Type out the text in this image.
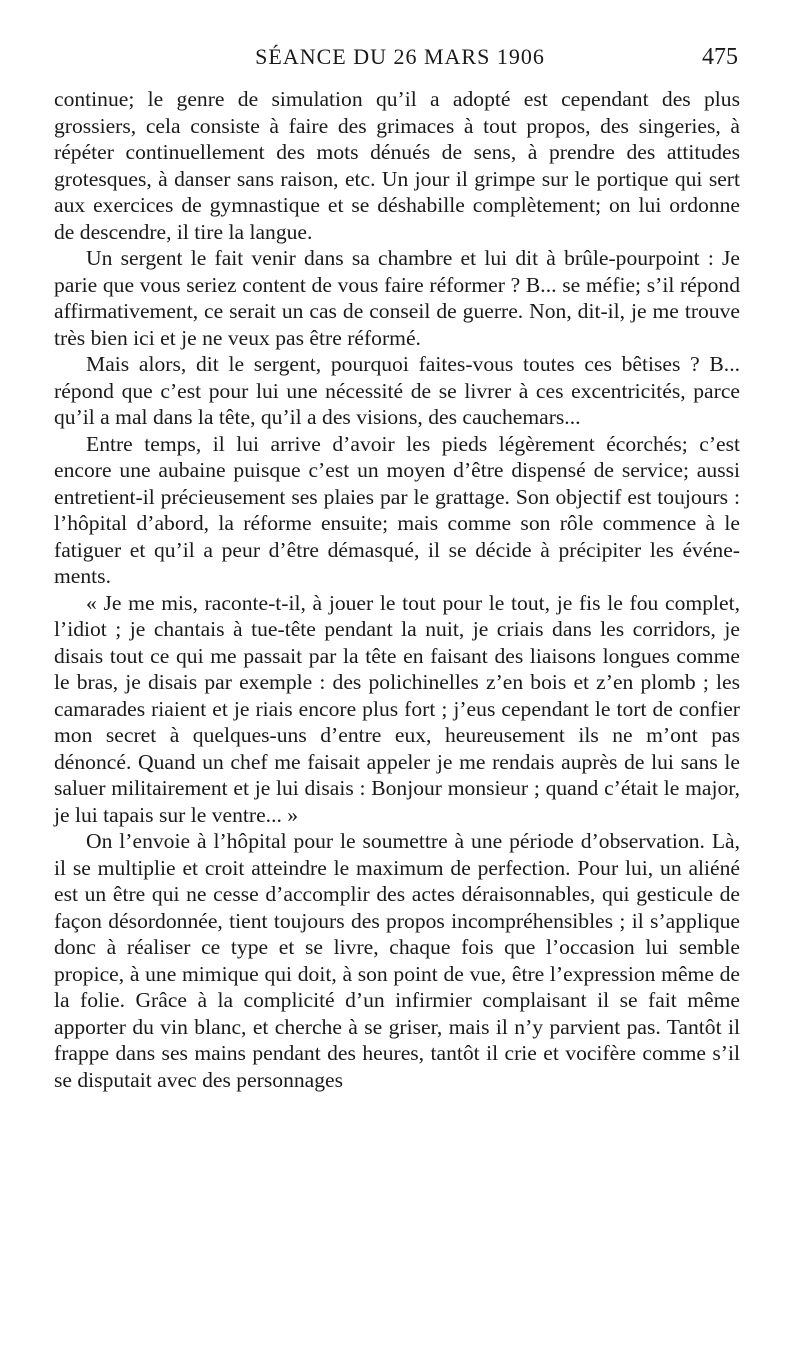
SÉANCE DU 26 MARS 1906	475

continue; le genre de simulation qu’il a adopté est cependant des plus grossiers, cela consiste à faire des grimaces à tout propos, des singeries, à répéter continuellement des mots dénués de sens, à prendre des attitudes grotesques, à danser sans raison, etc. Un jour il grimpe sur le portique qui sert aux exercices de gymnastique et se déshabille complètement; on lui ordonne de descendre, il tire la langue.

Un sergent le fait venir dans sa chambre et lui dit à brûle-pourpoint : Je parie que vous seriez content de vous faire réformer ? B... se méfie; s’il répond affirmativement, ce serait un cas de conseil de guerre. Non, dit-il, je me trouve très bien ici et je ne veux pas être réformé.

Mais alors, dit le sergent, pourquoi faites-vous toutes ces bêtises ? B... répond que c’est pour lui une nécessité de se livrer à ces excentricités, parce qu’il a mal dans la tête, qu’il a des visions, des cauchemars...

Entre temps, il lui arrive d’avoir les pieds légèrement écorchés; c’est encore une aubaine puisque c’est un moyen d’être dispensé de service; aussi entretient-il précieusement ses plaies par le grattage. Son objectif est toujours : l’hôpital d’abord, la réforme ensuite; mais comme son rôle commence à le fatiguer et qu’il a peur d’être démasqué, il se décide à précipiter les événements.

« Je me mis, raconte-t-il, à jouer le tout pour le tout, je fis le fou complet, l’idiot ; je chantais à tue-tête pendant la nuit, je criais dans les corridors, je disais tout ce qui me passait par la tête en faisant des liaisons longues comme le bras, je disais par exemple : des polichinelles z’en bois et z’en plomb ; les camarades riaient et je riais encore plus fort ; j’eus cependant le tort de confier mon secret à quelques-uns d’entre eux, heureusement ils ne m’ont pas dénoncé. Quand un chef me faisait appeler je me rendais auprès de lui sans le saluer militairement et je lui disais : Bonjour monsieur ; quand c’était le major, je lui tapais sur le ventre... »

On l’envoie à l’hôpital pour le soumettre à une période d’observation. Là, il se multiplie et croit atteindre le maximum de perfection. Pour lui, un aliéné est un être qui ne cesse d’accomplir des actes déraisonnables, qui gesticule de façon désordonnée, tient toujours des propos incompréhensibles ; il s’applique donc à réaliser ce type et se livre, chaque fois que l’occasion lui semble propice, à une mimique qui doit, à son point de vue, être l’expression même de la folie. Grâce à la complicité d’un infirmier complaisant il se fait même apporter du vin blanc, et cherche à se griser, mais il n’y parvient pas. Tantôt il frappe dans ses mains pendant des heures, tantôt il crie et vocifère comme s’il se disputait avec des personnages
